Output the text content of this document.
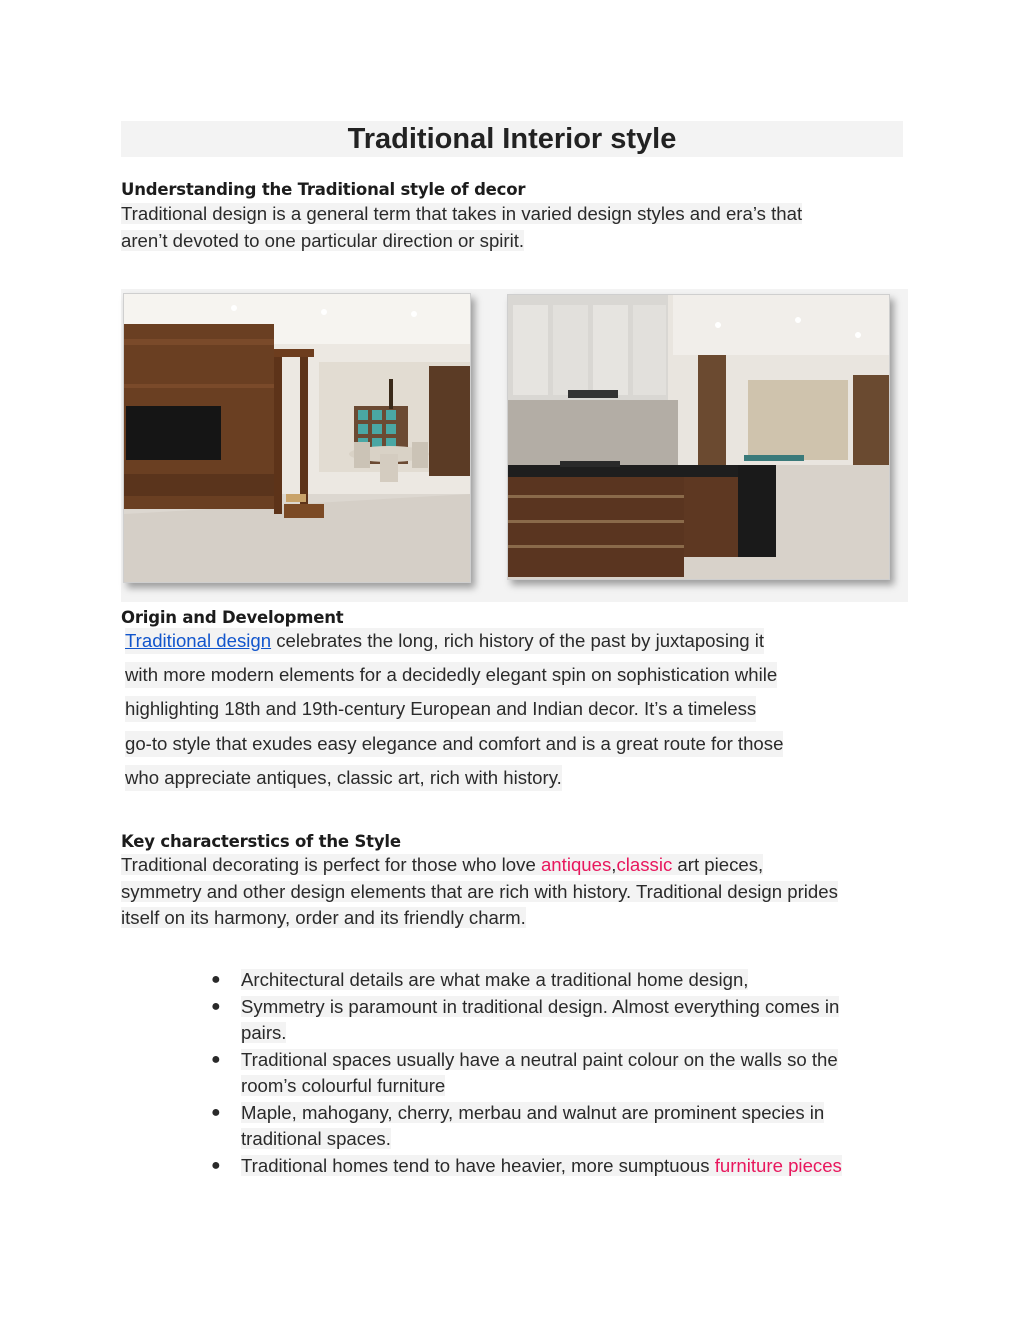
Traditional Interior style
Understanding the Traditional style of decor
Traditional design is a general term that takes in varied design styles and era’s that
aren’t devoted to one particular direction or spirit.
Origin and Development
Traditional design celebrates the long, rich history of the past by juxtaposing it
with more modern elements for a decidedly elegant spin on sophistication while
highlighting 18th and 19th-century European and Indian decor. It’s a timeless
go-to style that exudes easy elegance and comfort and is a great route for those
who appreciate antiques, classic art, rich with history.
Key characterstics of the Style
Traditional decorating is perfect for those who love antiques,classic art pieces,
symmetry and other design elements that are rich with history. Traditional design prides
itself on its harmony, order and its friendly charm.
● Architectural details are what make a traditional home design,
● Symmetry is paramount in traditional design. Almost everything comes in
pairs.
● Traditional spaces usually have a neutral paint colour on the walls so the
room’s colourful furniture
● Maple, mahogany, cherry, merbau and walnut are prominent species in
traditional spaces.
● Traditional homes tend to have heavier, more sumptuous furniture pieces
